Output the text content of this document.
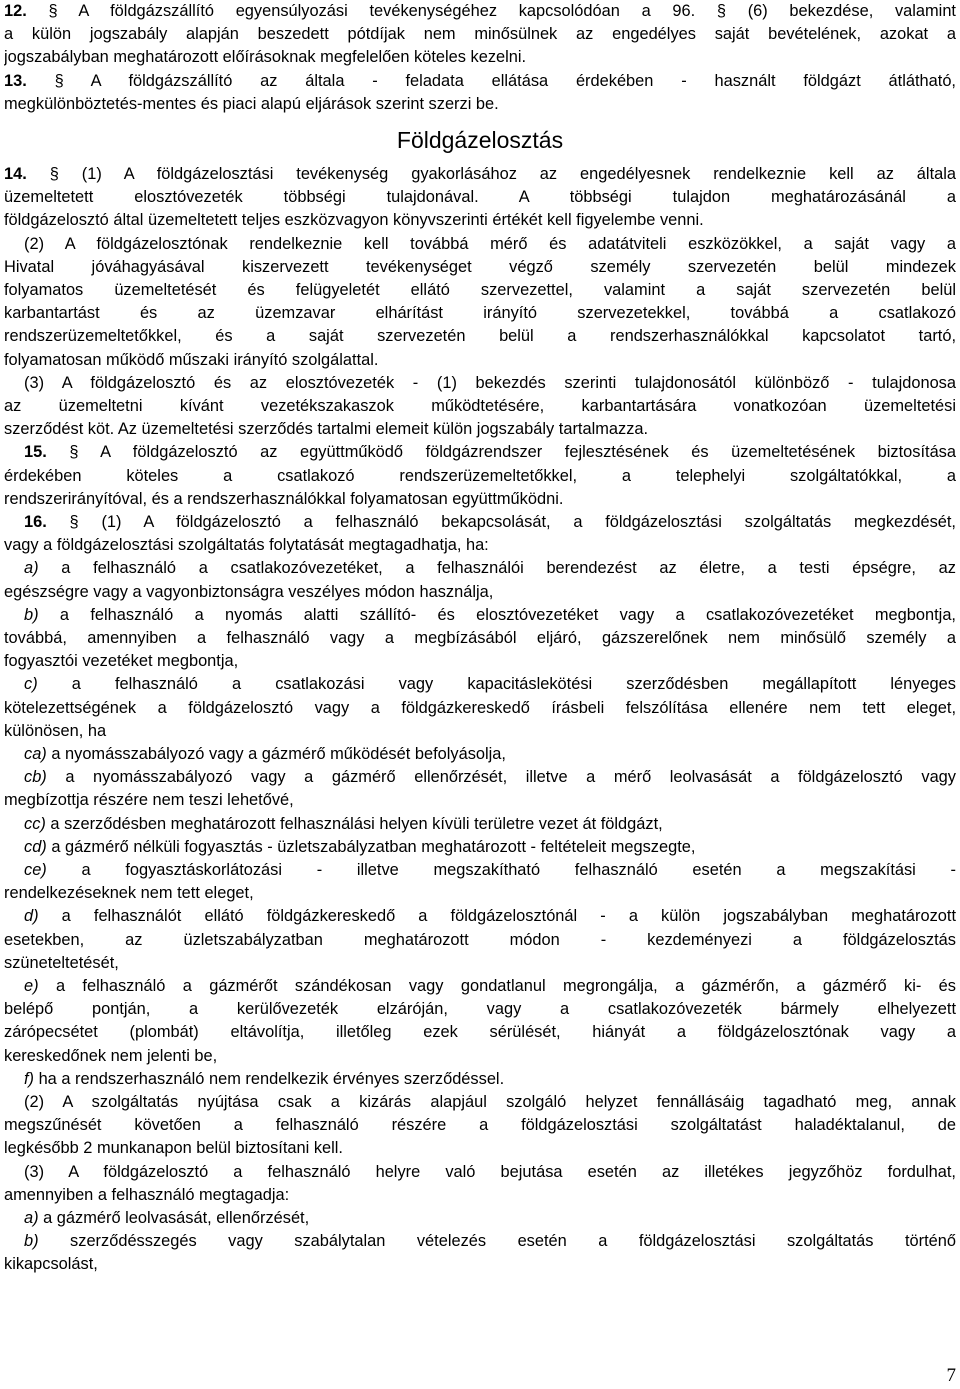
12. § A földgázszállító egyensúlyozási tevékenységéhez kapcsolódóan a 96. § (6) bekezdése, valamint
a külön jogszabály alapján beszedett pótdíjak nem minősülnek az engedélyes saját bevételének, azokat a
jogszabályban meghatározott előírásoknak megfelelően köteles kezelni.
13. § A földgázszállító az általa - feladata ellátása érdekében - használt földgázt átlátható,
megkülönböztetés-mentes és piaci alapú eljárások szerint szerzi be.
Földgázelosztás
14. § (1) A földgázelosztási tevékenység gyakorlásához az engedélyesnek rendelkeznie kell az általa
üzemeltetett elosztóvezeték többségi tulajdonával. A többségi tulajdon meghatározásánál a
földgázelosztó által üzemeltetett teljes eszközvagyon könyvszerinti értékét kell figyelembe venni.
(2) A földgázelosztónak rendelkeznie kell továbbá mérő és adatátviteli eszközökkel, a saját vagy a
Hivatal jóváhagyásával kiszervezett tevékenységet végző személy szervezetén belül mindezek
folyamatos üzemeltetését és felügyeletét ellátó szervezettel, valamint a saját szervezetén belül
karbantartást és az üzemzavar elhárítást irányító szervezetekkel, továbbá a csatlakozó
rendszerüzemeltetőkkel, és a saját szervezetén belül a rendszerhasználókkal kapcsolatot tartó,
folyamatosan működő műszaki irányító szolgálattal.
(3) A földgázelosztó és az elosztóvezeték - (1) bekezdés szerinti tulajdonosától különböző - tulajdonosa
az üzemeltetni kívánt vezetékszakaszok működtetésére, karbantartására vonatkozóan üzemeltetési
szerződést köt. Az üzemeltetési szerződés tartalmi elemeit külön jogszabály tartalmazza.
15. § A földgázelosztó az együttműködő földgázrendszer fejlesztésének és üzemeltetésének biztosítása
érdekében köteles a csatlakozó rendszerüzemeltetőkkel, a telephelyi szolgáltatókkal, a
rendszerirányítóval, és a rendszerhasználókkal folyamatosan együttműködni.
16. § (1) A földgázelosztó a felhasználó bekapcsolását, a földgázelosztási szolgáltatás megkezdését,
vagy a földgázelosztási szolgáltatás folytatását megtagadhatja, ha:
a) a felhasználó a csatlakozóvezetéket, a felhasználói berendezést az életre, a testi épségre, az
egészségre vagy a vagyonbiztonságra veszélyes módon használja,
b) a felhasználó a nyomás alatti szállító- és elosztóvezetéket vagy a csatlakozóvezetéket megbontja,
továbbá, amennyiben a felhasználó vagy a megbízásából eljáró, gázszerelőnek nem minősülő személy a
fogyasztói vezetéket megbontja,
c) a felhasználó a csatlakozási vagy kapacitáslekötési szerződésben megállapított lényeges
kötelezettségének a földgázelosztó vagy a földgázkereskedő írásbeli felszólítása ellenére nem tett eleget,
különösen, ha
ca) a nyomásszabályozó vagy a gázmérő működését befolyásolja,
cb) a nyomásszabályozó vagy a gázmérő ellenőrzését, illetve a mérő leolvasását a földgázelosztó vagy
megbízottja részére nem teszi lehetővé,
cc) a szerződésben meghatározott felhasználási helyen kívüli területre vezet át földgázt,
cd) a gázmérő nélküli fogyasztás - üzletszabályzatban meghatározott - feltételeit megszegte,
ce) a fogyasztáskorlátozási - illetve megszakítható felhasználó esetén a megszakítási -
rendelkezéseknek nem tett eleget,
d) a felhasználót ellátó földgázkereskedő a földgázelosztónál - a külön jogszabályban meghatározott
esetekben, az üzletszabályzatban meghatározott módon - kezdeményezi a földgázelosztás
szüneteltetését,
e) a felhasználó a gázmérőt szándékosan vagy gondatlanul megrongálja, a gázmérőn, a gázmérő ki- és
belépő pontján, a kerülővezeték elzáróján, vagy a csatlakozóvezeték bármely elhelyezett
zárópecsétet (plombát) eltávolítja, illetőleg ezek sérülését, hiányát a földgázelosztónak vagy a
kereskedőnek nem jelenti be,
f) ha a rendszerhasználó nem rendelkezik érvényes szerződéssel.
(2) A szolgáltatás nyújtása csak a kizárás alapjául szolgáló helyzet fennállásáig tagadható meg, annak
megszűnését követően a felhasználó részére a földgázelosztási szolgáltatást haladéktalanul, de
legkésőbb 2 munkanapon belül biztosítani kell.
(3) A földgázelosztó a felhasználó helyre való bejutása esetén az illetékes jegyzőhöz fordulhat,
amennyiben a felhasználó megtagadja:
a) a gázmérő leolvasását, ellenőrzését,
b) szerződésszegés vagy szabálytalan vételezés esetén a földgázelosztási szolgáltatás történő
kikapcsolást,
7
